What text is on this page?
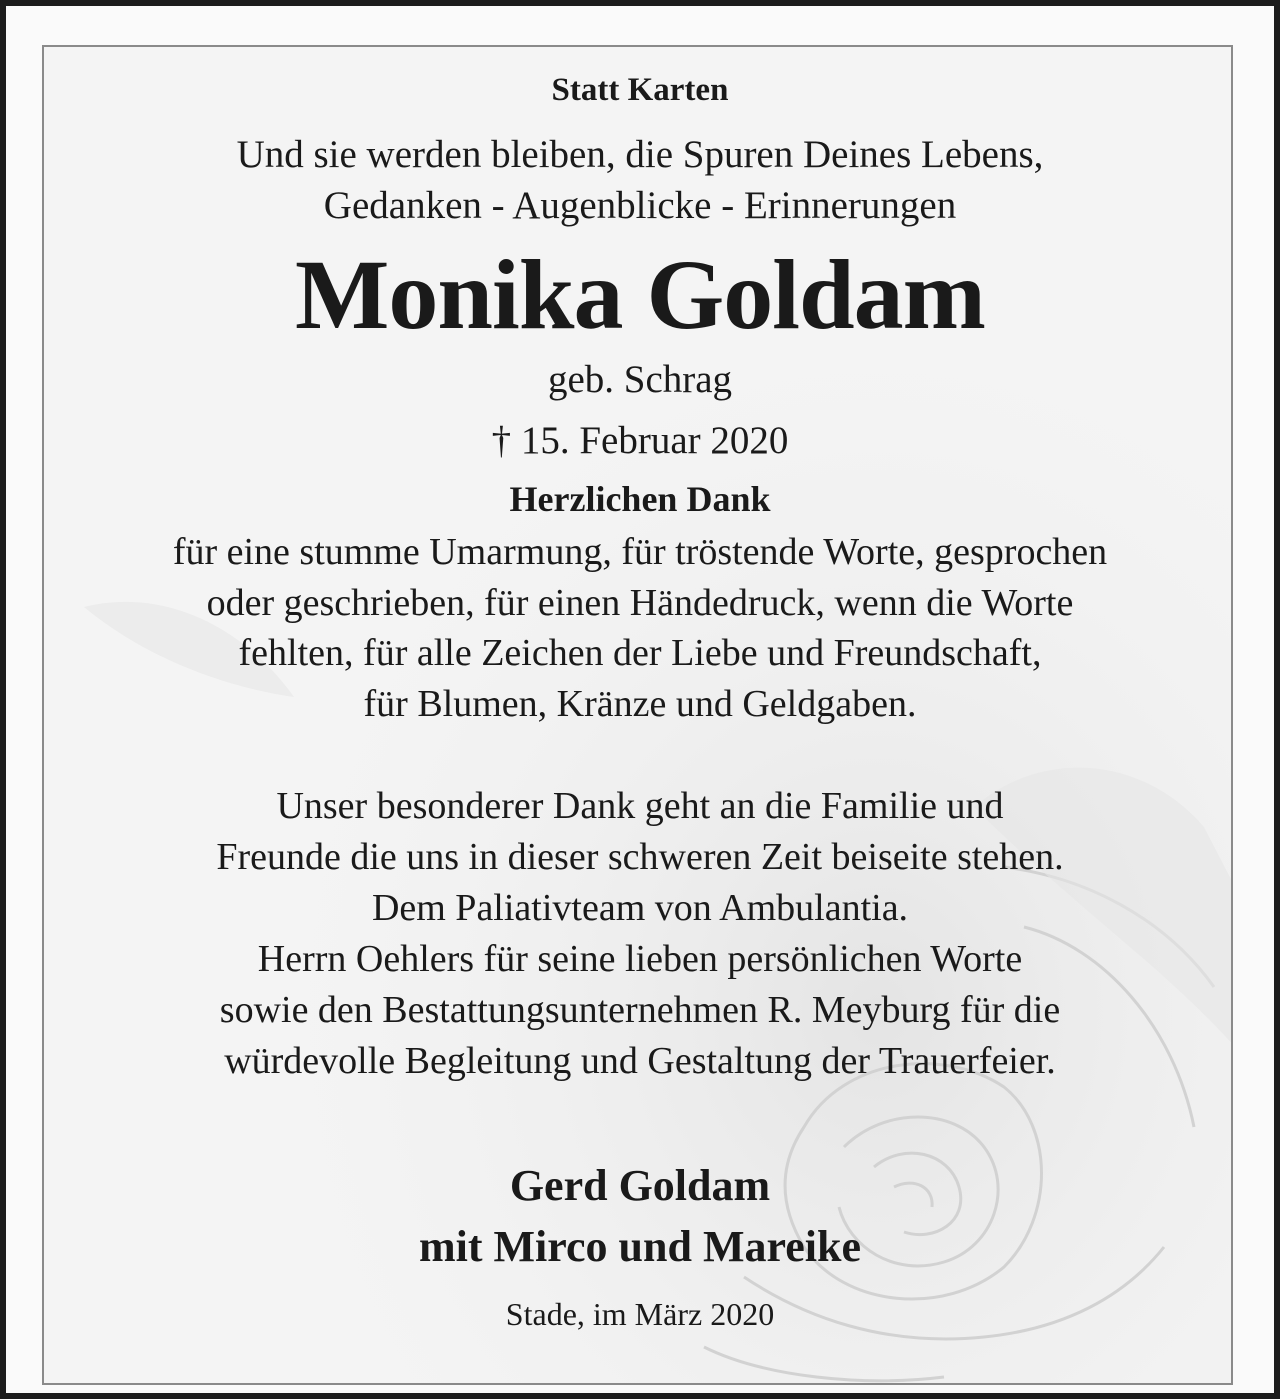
Statt Karten
Und sie werden bleiben, die Spuren Deines Lebens,
Gedanken - Augenblicke - Erinnerungen
Monika Goldam
geb. Schrag
† 15. Februar 2020
Herzlichen Dank
für eine stumme Umarmung, für tröstende Worte, gesprochen
oder geschrieben, für einen Händedruck, wenn die Worte
fehlten, für alle Zeichen der Liebe und Freundschaft,
für Blumen, Kränze und Geldgaben.
Unser besonderer Dank geht an die Familie und
Freunde die uns in dieser schweren Zeit beiseite stehen.
Dem Paliativteam von Ambulantia.
Herrn Oehlers für seine lieben persönlichen Worte
sowie den Bestattungsunternehmen R. Meyburg für die
würdevolle Begleitung und Gestaltung der Trauerfeier.
Gerd Goldam
mit Mirco und Mareike
Stade, im März 2020
